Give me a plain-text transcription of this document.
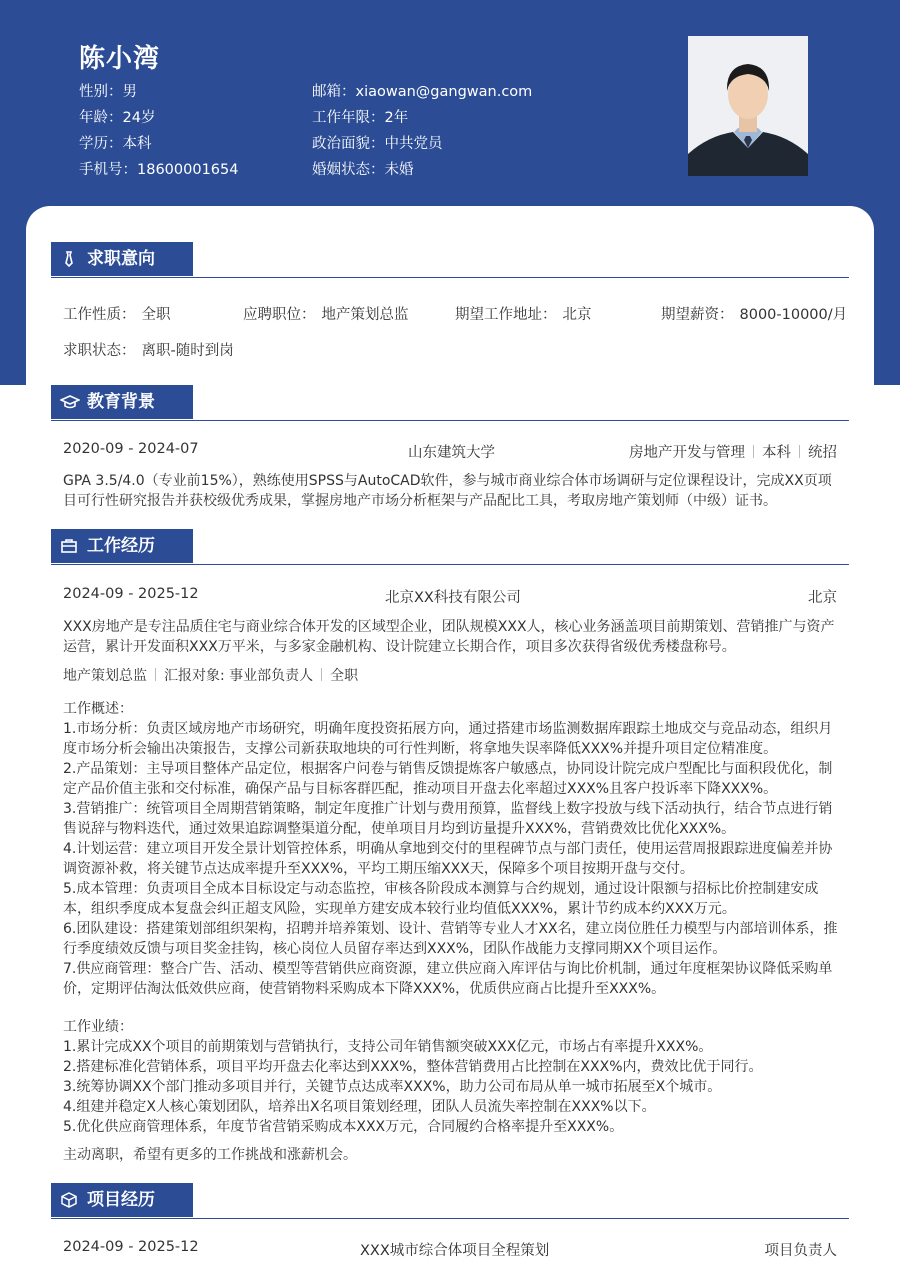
陈小湾
性别：男
年龄：24岁
学历：本科
手机号：18600001654
邮箱：xiaowan@gangwan.com
工作年限：2年
政治面貌：中共党员
婚姻状态：未婚
求职意向
工作性质： 全职	应聘职位： 地产策划总监	期望工作地址： 北京	期望薪资： 8000-10000/月
求职状态： 离职-随时到岗
教育背景
2020-09 - 2024-07	山东建筑大学	房地产开发与管理 本科 统招
GPA 3.5/4.0（专业前15%），熟练使用SPSS与AutoCAD软件，参与城市商业综合体市场调研与定位课程设计，完成XX页项目可行性研究报告并获校级优秀成果，掌握房地产市场分析框架与产品配比工具，考取房地产策划师（中级）证书。
工作经历
2024-09 - 2025-12	北京XX科技有限公司	北京
XXX房地产是专注品质住宅与商业综合体开发的区域型企业，团队规模XXX人，核心业务涵盖项目前期策划、营销推广与资产运营，累计开发面积XXX万平米，与多家金融机构、设计院建立长期合作，项目多次获得省级优秀楼盘称号。
地产策划总监 汇报对象: 事业部负责人 全职
工作概述：
1.市场分析：负责区域房地产市场研究，明确年度投资拓展方向，通过搭建市场监测数据库跟踪土地成交与竞品动态，组织月度市场分析会输出决策报告，支撑公司新获取地块的可行性判断，将拿地失误率降低XXX%并提升项目定位精准度。
2.产品策划：主导项目整体产品定位，根据客户问卷与销售反馈提炼客户敏感点，协同设计院完成户型配比与面积段优化，制定产品价值主张和交付标准，确保产品与目标客群匹配，推动项目开盘去化率超过XXX%且客户投诉率下降XXX%。
3.营销推广：统管项目全周期营销策略，制定年度推广计划与费用预算，监督线上数字投放与线下活动执行，结合节点进行销售说辞与物料迭代，通过效果追踪调整渠道分配，使单项目月均到访量提升XXX%，营销费效比优化XXX%。
4.计划运营：建立项目开发全景计划管控体系，明确从拿地到交付的里程碑节点与部门责任，使用运营周报跟踪进度偏差并协调资源补救，将关键节点达成率提升至XXX%，平均工期压缩XXX天，保障多个项目按期开盘与交付。
5.成本管理：负责项目全成本目标设定与动态监控，审核各阶段成本测算与合约规划，通过设计限额与招标比价控制建安成本，组织季度成本复盘会纠正超支风险，实现单方建安成本较行业均值低XXX%，累计节约成本约XXX万元。
6.团队建设：搭建策划部组织架构，招聘并培养策划、设计、营销等专业人才XX名，建立岗位胜任力模型与内部培训体系，推行季度绩效反馈与项目奖金挂钩，核心岗位人员留存率达到XXX%，团队作战能力支撑同期XX个项目运作。
7.供应商管理：整合广告、活动、模型等营销供应商资源，建立供应商入库评估与询比价机制，通过年度框架协议降低采购单价，定期评估淘汰低效供应商，使营销物料采购成本下降XXX%，优质供应商占比提升至XXX%。
工作业绩：
1.累计完成XX个项目的前期策划与营销执行，支持公司年销售额突破XXX亿元，市场占有率提升XXX%。
2.搭建标准化营销体系，项目平均开盘去化率达到XXX%，整体营销费用占比控制在XXX%内，费效比优于同行。
3.统筹协调XX个部门推动多项目并行，关键节点达成率XXX%，助力公司布局从单一城市拓展至X个城市。
4.组建并稳定X人核心策划团队，培养出X名项目策划经理，团队人员流失率控制在XXX%以下。
5.优化供应商管理体系，年度节省营销采购成本XXX万元，合同履约合格率提升至XXX%。
主动离职，希望有更多的工作挑战和涨薪机会。
项目经历
2024-09 - 2025-12	XXX城市综合体项目全程策划	项目负责人
